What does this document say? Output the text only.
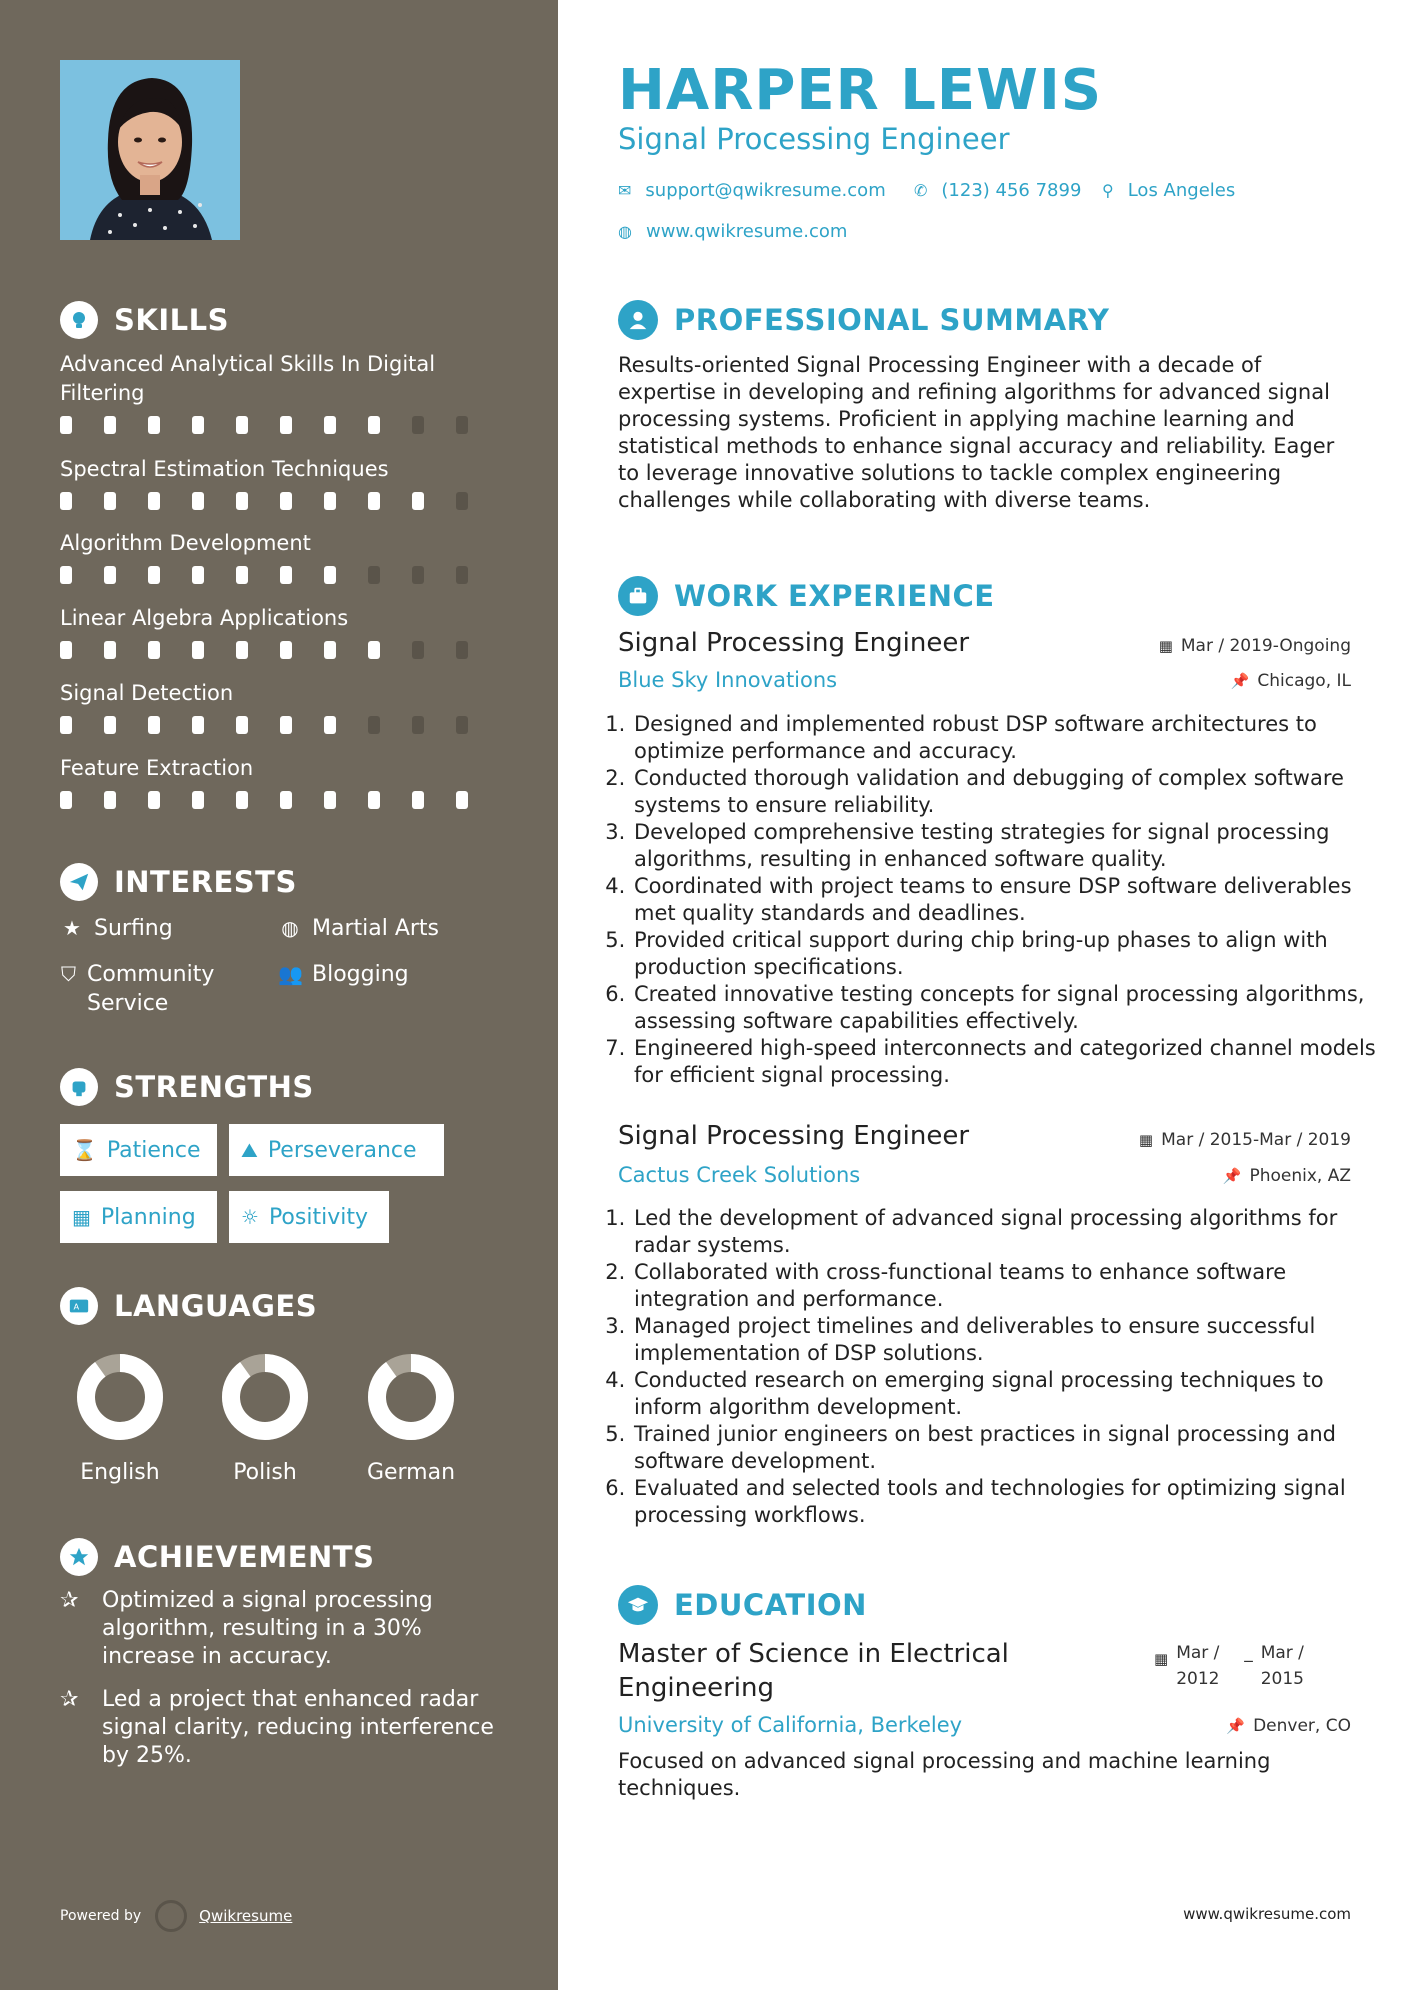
SKILLS
Advanced Analytical Skills In Digital Filtering
Spectral Estimation Techniques
Algorithm Development
Linear Algebra Applications
Signal Detection
Feature Extraction
INTERESTS
★ Surfing	◍ Martial Arts
⛉ Community Service
👥 Blogging
STRENGTHS
⌛ Patience ⛰ Perseverance
▦ Planning ☼ Positivity
A LANGUAGES
English	Polish	German
ACHIEVEMENTS
✰	Optimized a signal processing algorithm, resulting in a 30% increase in accuracy.
✰	Led a project that enhanced radar signal clarity, reducing interference by 25%.
Powered by	Qwikresume
HARPER LEWIS
Signal Processing Engineer
✉ support@qwikresume.com ✆ (123) 456 7899 ⚲ Los Angeles
◍ www.qwikresume.com
PROFESSIONAL SUMMARY
Results-oriented Signal Processing Engineer with a decade of expertise in developing and refining algorithms for advanced signal processing systems. Proficient in applying machine learning and statistical methods to enhance signal accuracy and reliability. Eager to leverage innovative solutions to tackle complex engineering challenges while collaborating with diverse teams.
WORK EXPERIENCE
Signal Processing Engineer	▦ Mar / 2019-Ongoing
Blue Sky Innovations	📌 Chicago, IL
1. Designed and implemented robust DSP software architectures to optimize performance and accuracy.
2. Conducted thorough validation and debugging of complex software systems to ensure reliability.
3. Developed comprehensive testing strategies for signal processing algorithms, resulting in enhanced software quality.
4. Coordinated with project teams to ensure DSP software deliverables met quality standards and deadlines.
5. Provided critical support during chip bring-up phases to align with production specifications.
6. Created innovative testing concepts for signal processing algorithms, assessing software capabilities effectively.
7. Engineered high-speed interconnects and categorized channel models for efficient signal processing.
Signal Processing Engineer	▦ Mar / 2015-Mar / 2019
Cactus Creek Solutions	📌 Phoenix, AZ
1. Led the development of advanced signal processing algorithms for radar systems.
2. Collaborated with cross-functional teams to enhance software integration and performance.
3. Managed project timelines and deliverables to ensure successful implementation of DSP solutions.
4. Conducted research on emerging signal processing techniques to inform algorithm development.
5. Trained junior engineers on best practices in signal processing and software development.
6. Evaluated and selected tools and technologies for optimizing signal processing workflows.
EDUCATION
Master of Science in Electrical Engineering
▦ Mar / 2012
_ Mar / 2015
University of California, Berkeley	📌 Denver, CO
Focused on advanced signal processing and machine learning techniques.
www.qwikresume.com
